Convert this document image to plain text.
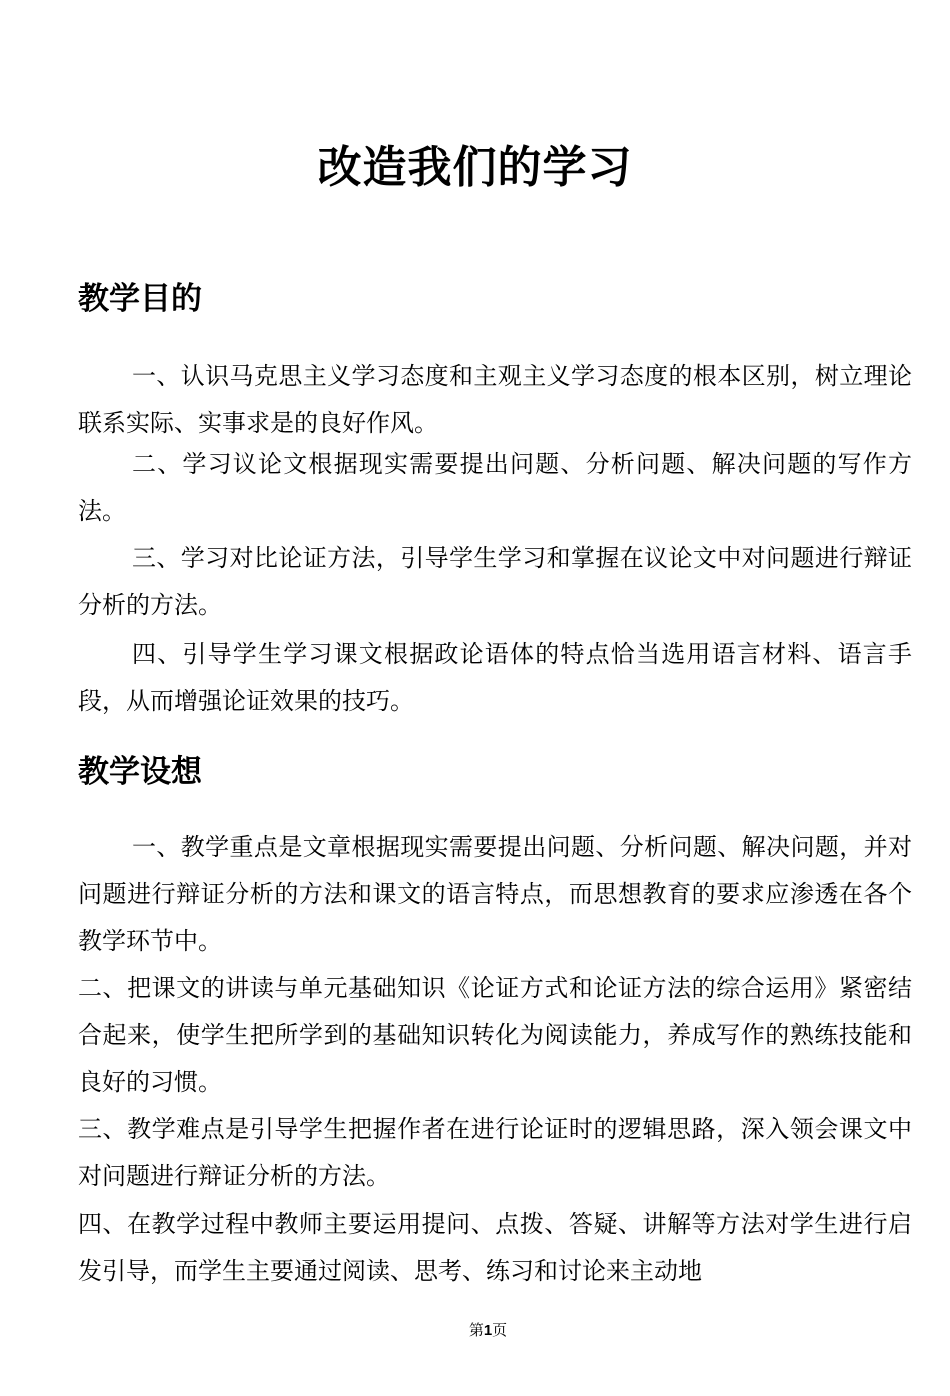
改造我们的学习
教学目的

一、认识马克思主义学习态度和主观主义学习态度的根本区别，树立理论联系实际、实事求是的良好作风。

二、学习议论文根据现实需要提出问题、分析问题、解决问题的写作方法。

三、学习对比论证方法，引导学生学习和掌握在议论文中对问题进行辩证分析的方法。

四、引导学生学习课文根据政论语体的特点恰当选用语言材料、语言手段，从而增强论证效果的技巧。

教学设想

一、教学重点是文章根据现实需要提出问题、分析问题、解决问题，并对问题进行辩证分析的方法和课文的语言特点，而思想教育的要求应渗透在各个教学环节中。

二、把课文的讲读与单元基础知识《论证方式和论证方法的综合运用》紧密结合起来，使学生把所学到的基础知识转化为阅读能力，养成写作的熟练技能和良好的习惯。

三、教学难点是引导学生把握作者在进行论证时的逻辑思路，深入领会课文中对问题进行辩证分析的方法。

四、在教学过程中教师主要运用提问、点拨、答疑、讲解等方法对学生进行启发引导，而学生主要通过阅读、思考、练习和讨论来主动地

第1页
